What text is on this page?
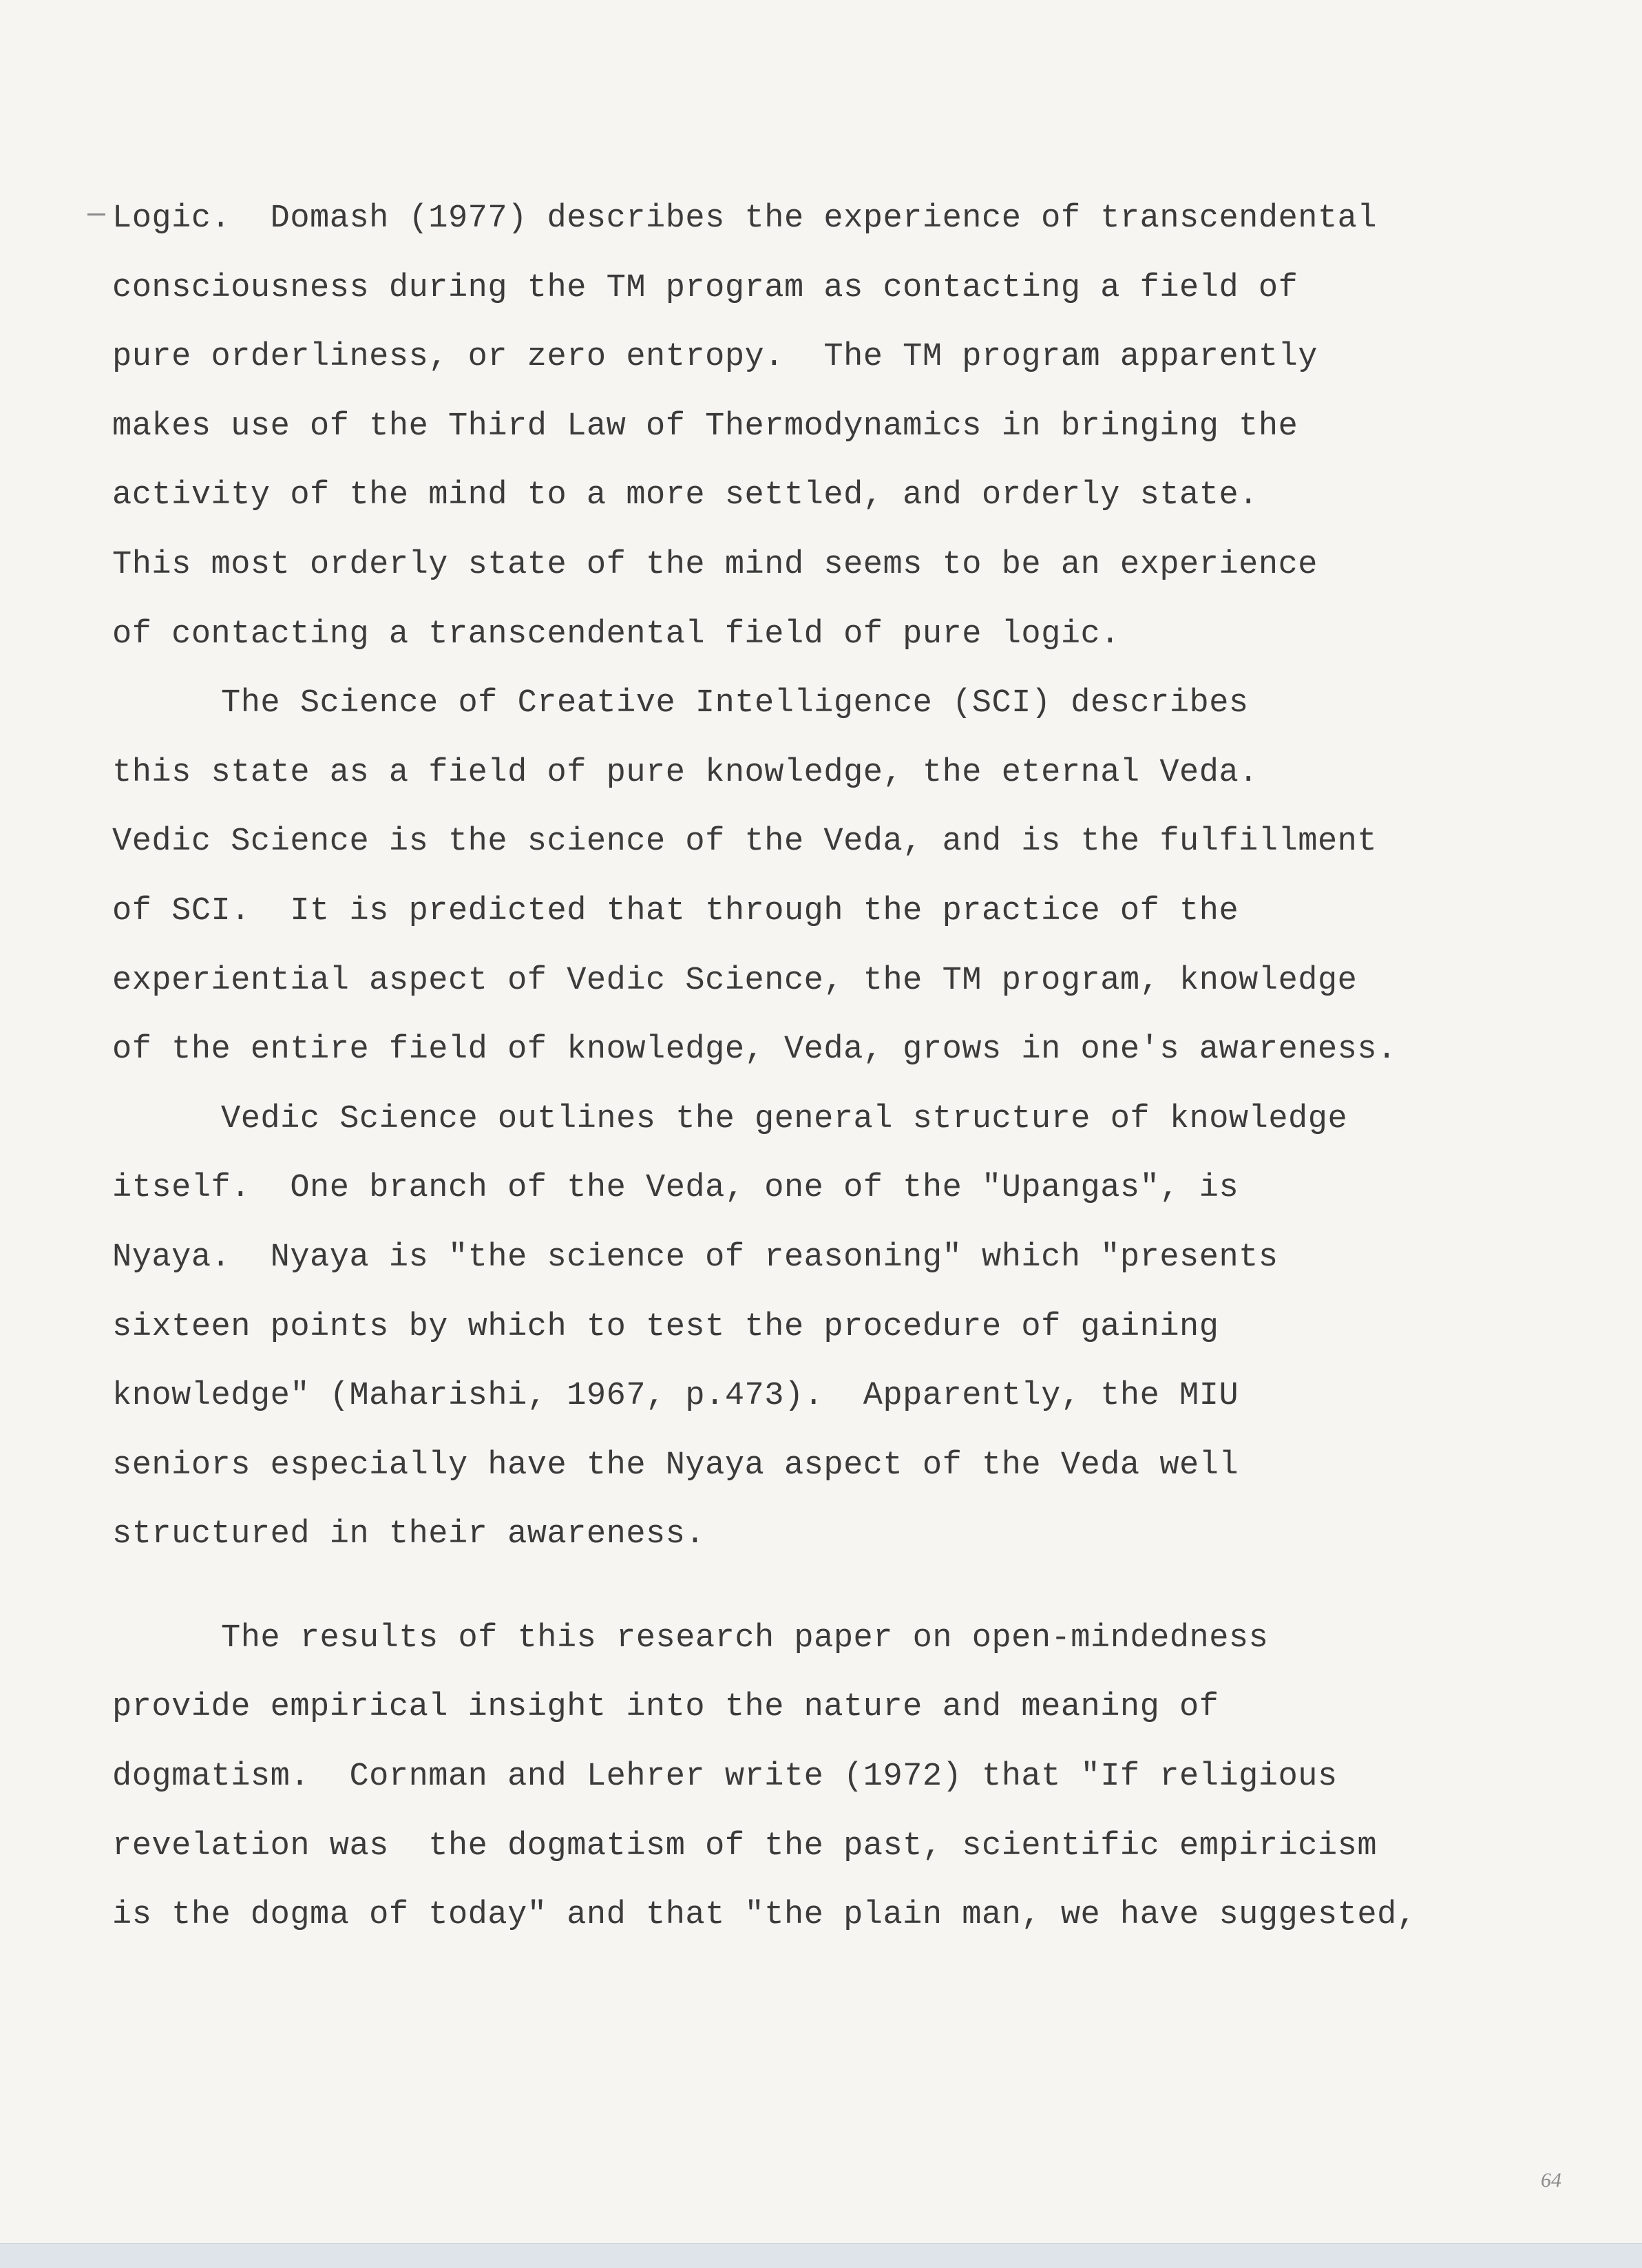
Logic.  Domash (1977) describes the experience of transcendental
consciousness during the TM program as contacting a field of
pure orderliness, or zero entropy.  The TM program apparently
makes use of the Third Law of Thermodynamics in bringing the
activity of the mind to a more settled, and orderly state.
This most orderly state of the mind seems to be an experience
of contacting a transcendental field of pure logic.
The Science of Creative Intelligence (SCI) describes
this state as a field of pure knowledge, the eternal Veda.
Vedic Science is the science of the Veda, and is the fulfillment
of SCI.  It is predicted that through the practice of the
experiential aspect of Vedic Science, the TM program, knowledge
of the entire field of knowledge, Veda, grows in one's awareness.
Vedic Science outlines the general structure of knowledge
itself.  One branch of the Veda, one of the "Upangas", is
Nyaya.  Nyaya is "the science of reasoning" which "presents
sixteen points by which to test the procedure of gaining
knowledge" (Maharishi, 1967, p.473).  Apparently, the MIU
seniors especially have the Nyaya aspect of the Veda well
structured in their awareness.
The results of this research paper on open-mindedness
provide empirical insight into the nature and meaning of
dogmatism.  Cornman and Lehrer write (1972) that "If religious
revelation was  the dogmatism of the past, scientific empiricism
is the dogma of today" and that "the plain man, we have suggested,
64
